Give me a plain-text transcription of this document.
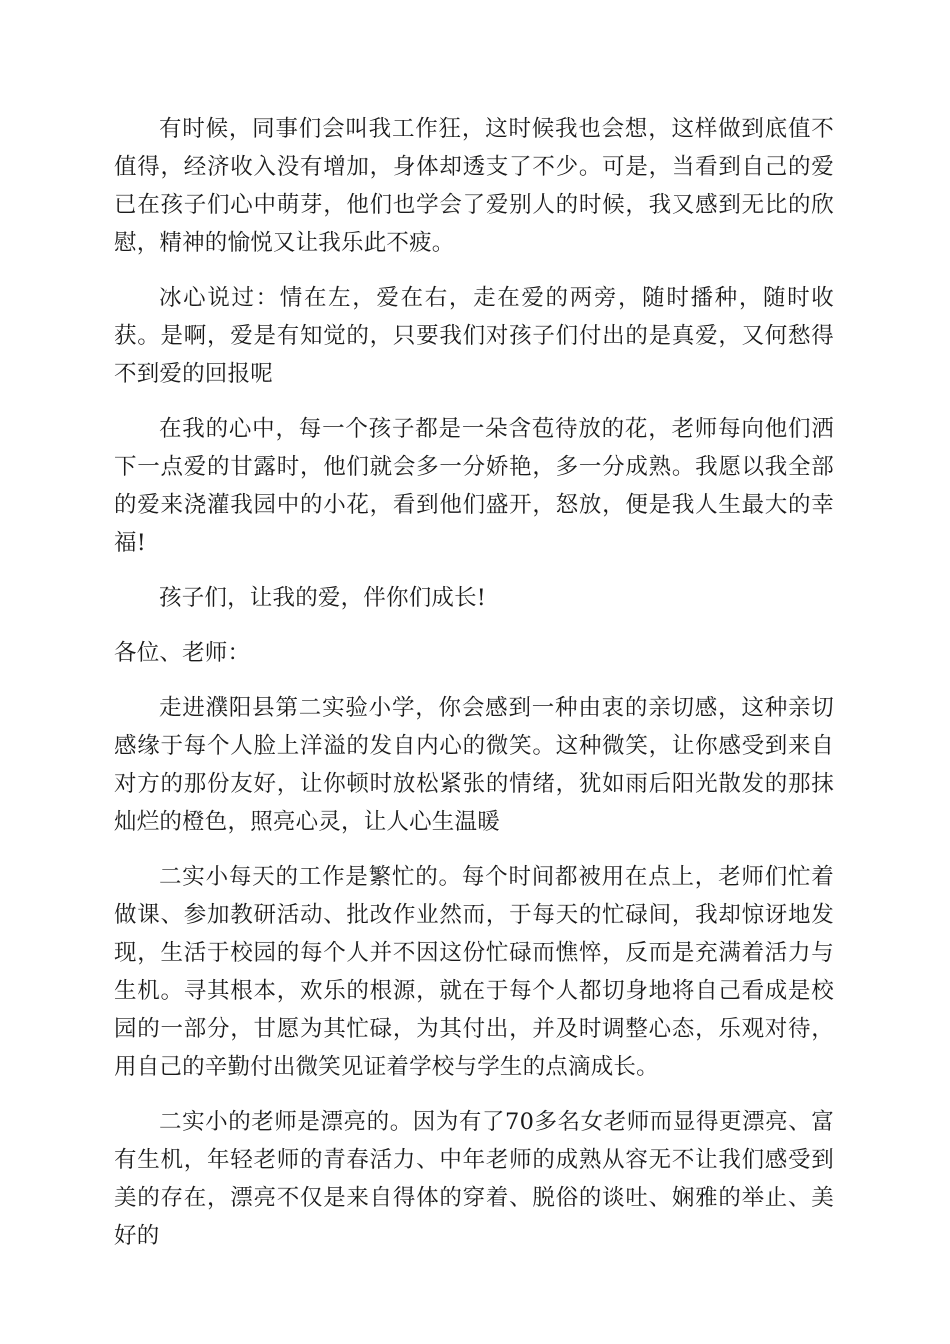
有时候，同事们会叫我工作狂，这时候我也会想，这样做到底值不值得，经济收入没有增加，身体却透支了不少。可是，当看到自己的爱已在孩子们心中萌芽，他们也学会了爱别人的时候，我又感到无比的欣慰，精神的愉悦又让我乐此不疲。

冰心说过：情在左，爱在右，走在爱的两旁，随时播种，随时收获。是啊，爱是有知觉的，只要我们对孩子们付出的是真爱，又何愁得不到爱的回报呢

在我的心中，每一个孩子都是一朵含苞待放的花，老师每向他们洒下一点爱的甘露时，他们就会多一分娇艳，多一分成熟。我愿以我全部的爱来浇灌我园中的小花，看到他们盛开，怒放，便是我人生最大的幸福!

孩子们，让我的爱，伴你们成长!

各位、老师：

走进濮阳县第二实验小学，你会感到一种由衷的亲切感，这种亲切感缘于每个人脸上洋溢的发自内心的微笑。这种微笑，让你感受到来自对方的那份友好，让你顿时放松紧张的情绪，犹如雨后阳光散发的那抹灿烂的橙色，照亮心灵，让人心生温暖

二实小每天的工作是繁忙的。每个时间都被用在点上，老师们忙着做课、参加教研活动、批改作业然而，于每天的忙碌间，我却惊讶地发现，生活于校园的每个人并不因这份忙碌而憔悴，反而是充满着活力与生机。寻其根本，欢乐的根源，就在于每个人都切身地将自己看成是校园的一部分，甘愿为其忙碌，为其付出，并及时调整心态，乐观对待，用自己的辛勤付出微笑见证着学校与学生的点滴成长。

二实小的老师是漂亮的。因为有了70多名女老师而显得更漂亮、富有生机，年轻老师的青春活力、中年老师的成熟从容无不让我们感受到美的存在，漂亮不仅是来自得体的穿着、脱俗的谈吐、娴雅的举止、美好的
